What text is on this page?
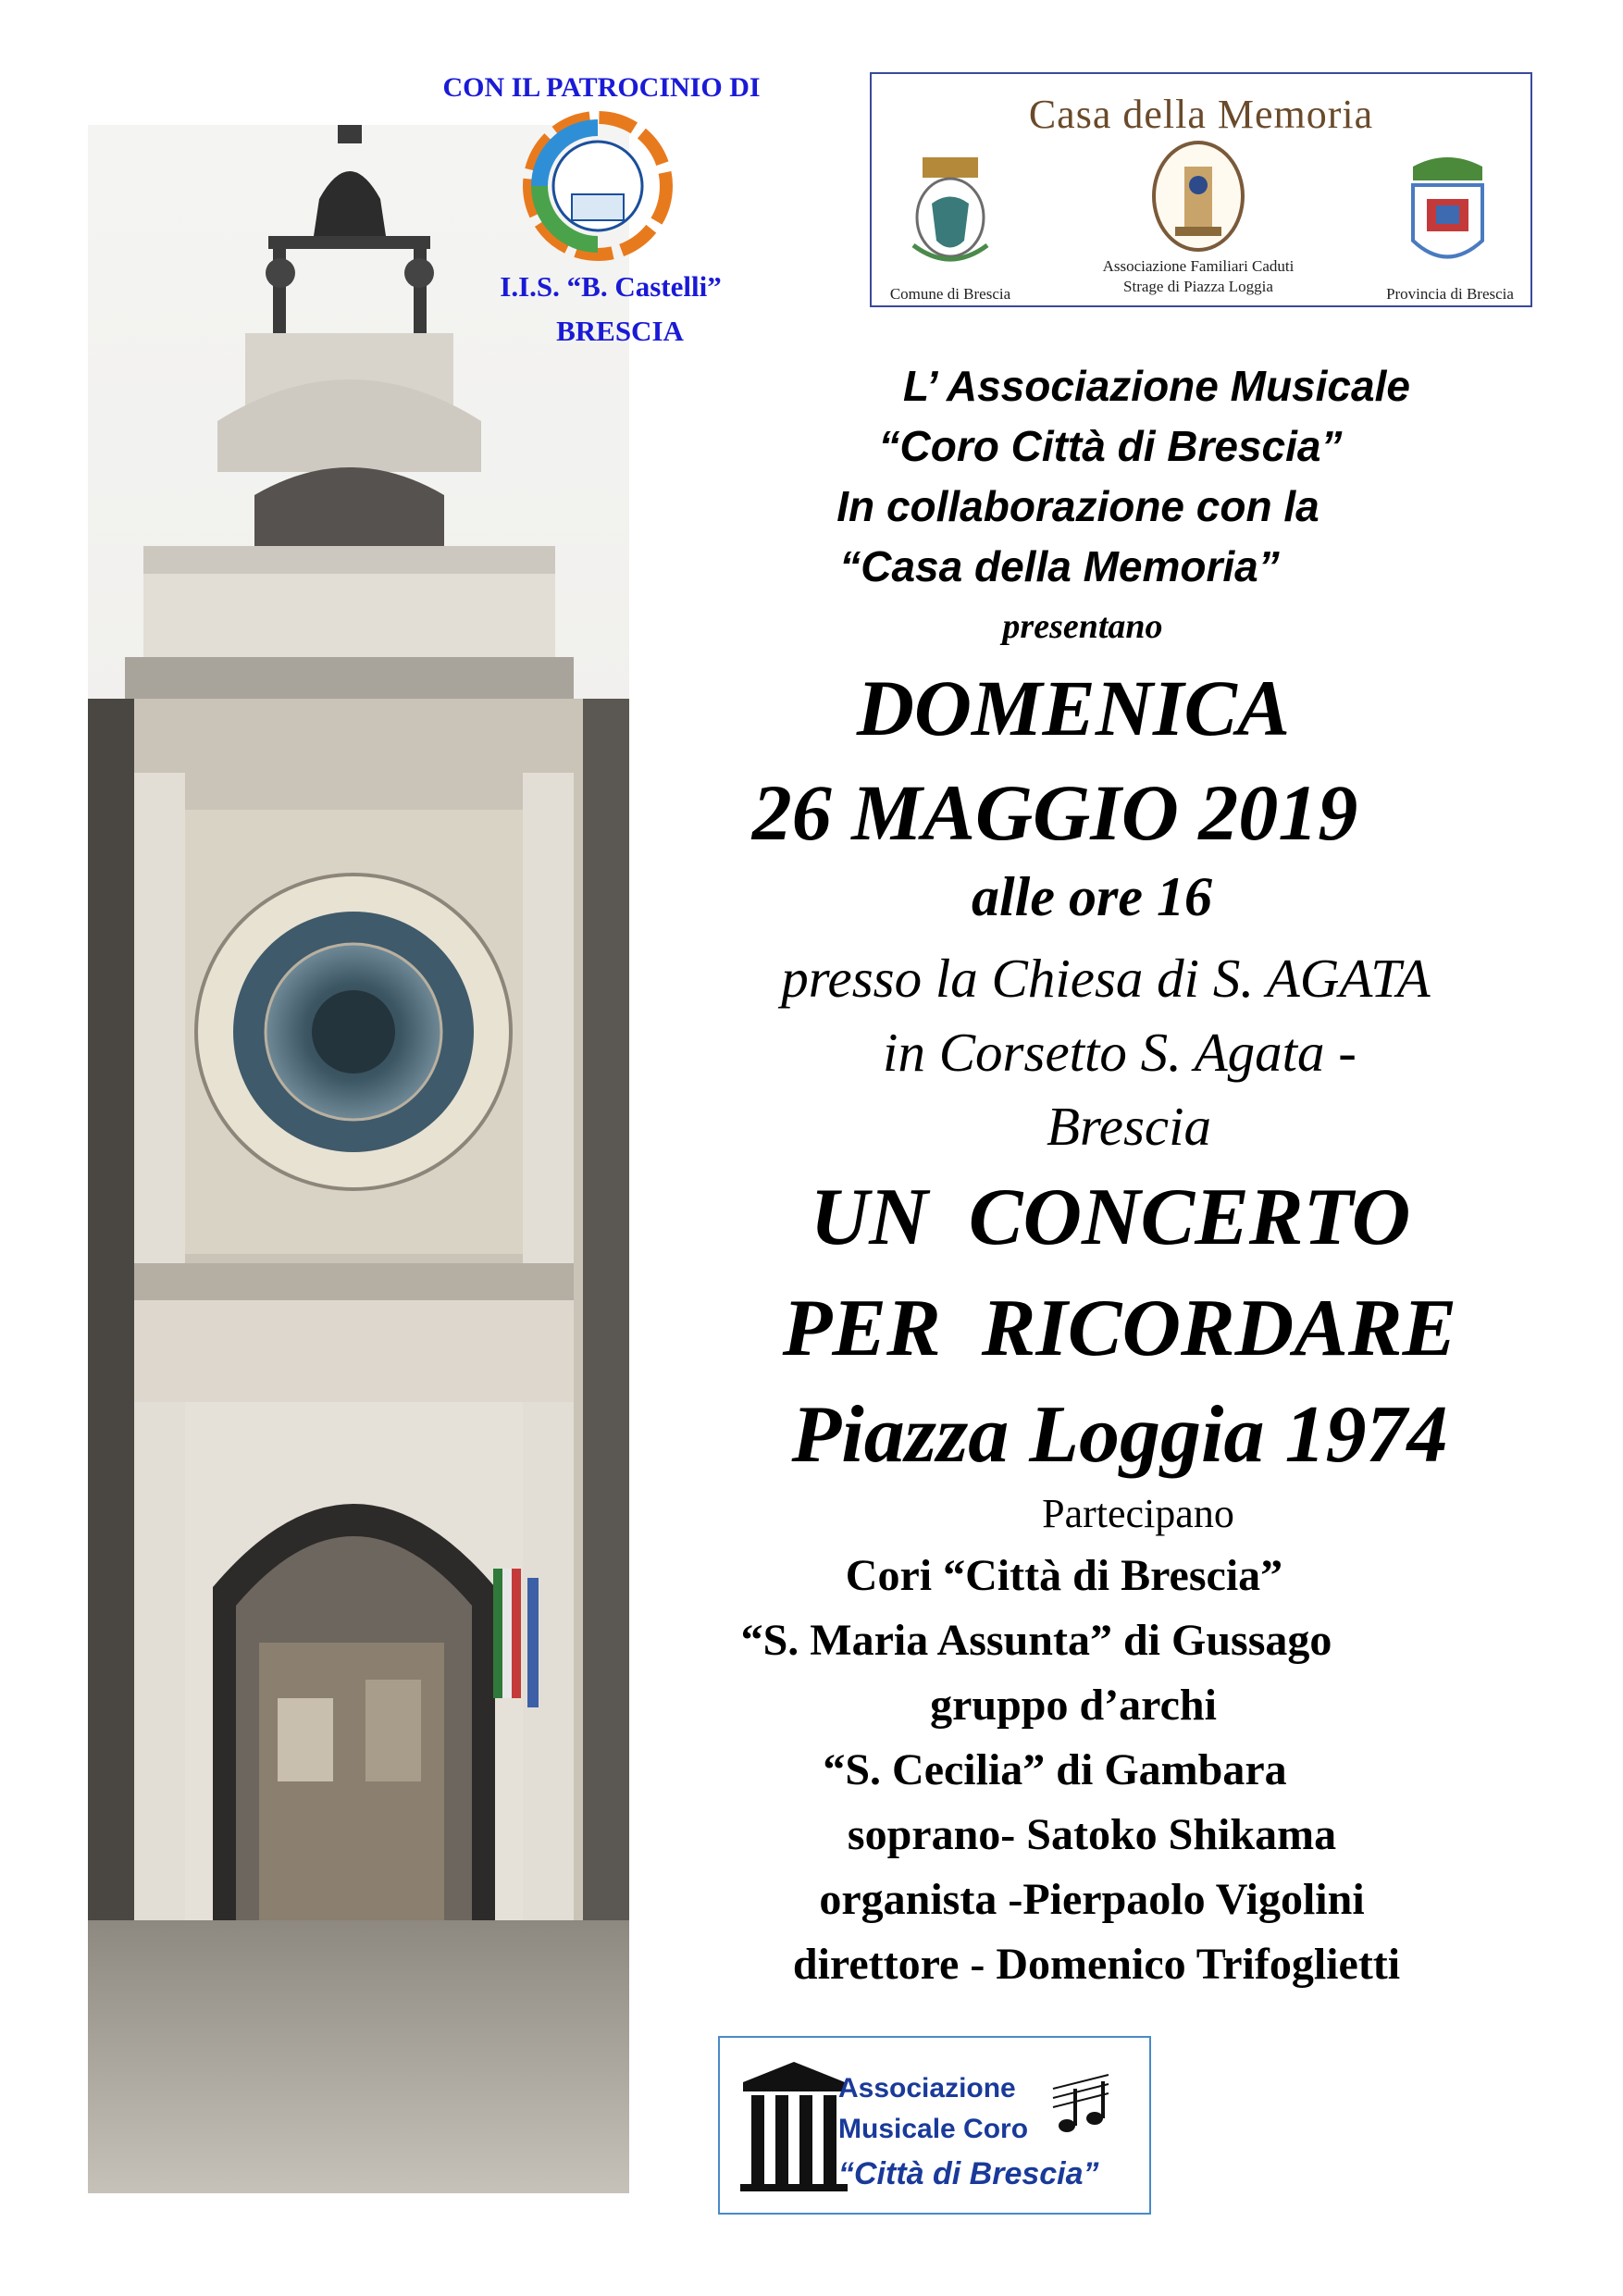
CON IL PATROCINIO DI
I.I.S. “B. Castelli”
BRESCIA
Casa della Memoria
Comune di Brescia
Associazione Familiari Caduti
Strage di Piazza Loggia	Provincia di Brescia
L’ Associazione Musicale
“Coro Città di Brescia”
In collaborazione con la
“Casa della Memoria”
presentano
DOMENICA
26 MAGGIO 2019
alle ore 16
presso la Chiesa di S. AGATA
in Corsetto S. Agata -
Brescia
UN  CONCERTO
PER  RICORDARE
Piazza Loggia 1974
Partecipano
Cori “Città di Brescia”
“S. Maria Assunta” di Gussago
gruppo d’archi
“S. Cecilia” di Gambara
soprano- Satoko Shikama
organista -Pierpaolo Vigolini
direttore - Domenico Trifoglietti
Associazione
Musicale Coro
“Città di Brescia”
